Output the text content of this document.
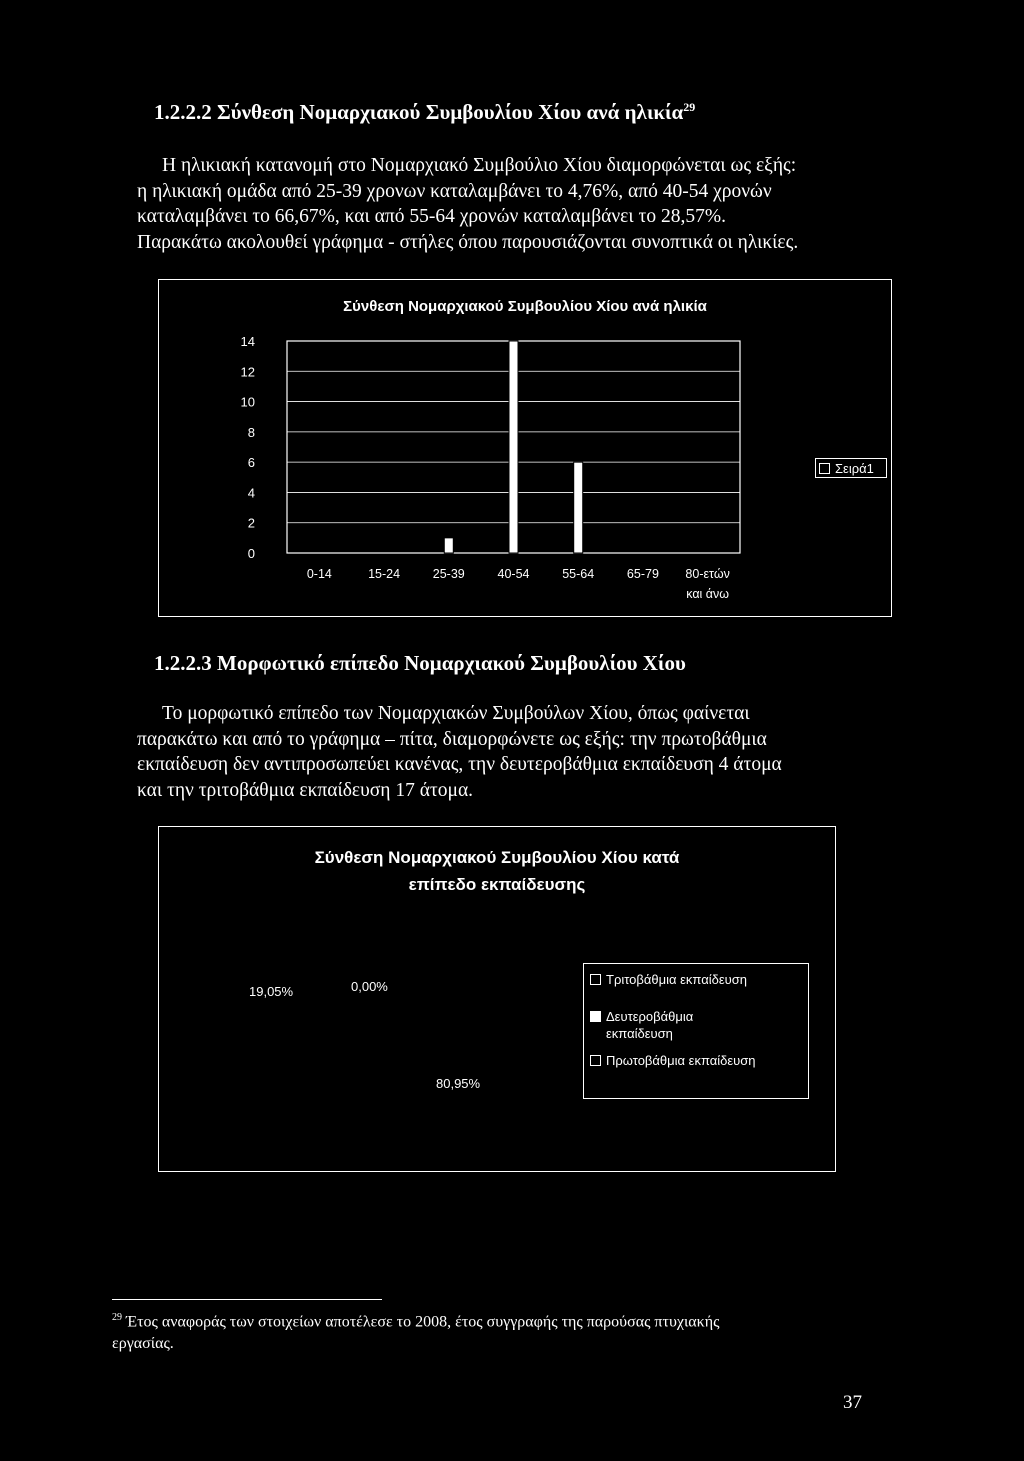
1.2.2.2 Σύνθεση Νομαρχιακού Συμβουλίου Χίου ανά ηλικία$^{29}$
Η ηλικιακή κατανομή στο Νομαρχιακό Συμβούλιο Χίου διαμορφώνεται ως εξής:
η ηλικιακή ομάδα από 25-39 χρονων καταλαμβάνει το 4,76%, από 40-54 χρονών
καταλαμβάνει το 66,67%, και από 55-64 χρονών καταλαμβάνει το 28,57%.
Παρακάτω ακολουθεί γράφημα - στήλες όπου παρουσιάζονται συνοπτικά οι ηλικίες.
Σύνθεση Νομαρχιακού Συμβουλίου Χίου ανά ηλικία
14
12
10
8
6
4
2
0
0-14	15-24	25-39	40-54	55-64	65-79 80-ετών
και άνω
Σειρά1
1.2.2.3 Μορφωτικό επίπεδο Νομαρχιακού Συμβουλίου Χίου
Το μορφωτικό επίπεδο των Νομαρχιακών Συμβούλων Χίου, όπως φαίνεται
παρακάτω και από το γράφημα – πίτα, διαμορφώνετε ως εξής: την πρωτοβάθμια
εκπαίδευση δεν αντιπροσωπεύει κανένας, την δευτεροβάθμια εκπαίδευση 4 άτομα
και την τριτοβάθμια εκπαίδευση 17 άτομα.
Σύνθεση Νομαρχιακού Συμβουλίου Χίου κατά
επίπεδο εκπαίδευσης
19,05%	0,00%
80,95%
Τριτοβάθμια εκπαίδευση
Δευτεροβάθμια
εκπαίδευση
Πρωτοβάθμια εκπαίδευση
$^{29}$ Έτος αναφοράς των στοιχείων αποτέλεσε το 2008, έτος συγγραφής της παρούσας πτυχιακής
εργασίας.
37
